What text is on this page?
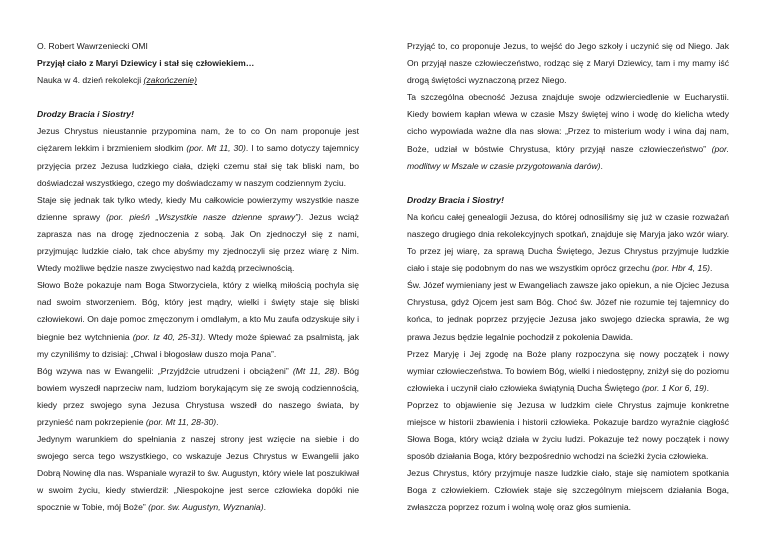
O. Robert Wawrzeniecki OMI

Przyjął ciało z Maryi Dziewicy i stał się człowiekiem…

Nauka w 4. dzień rekolekcji (zakończenie)

Drodzy Bracia i Siostry!

Jezus Chrystus nieustannie przypomina nam, że to co On nam proponuje jest ciężarem lekkim i brzmieniem słodkim (por. Mt 11, 30). I to samo dotyczy tajemnicy przyjęcia przez Jezusa ludzkiego ciała, dzięki czemu stał się tak bliski nam, bo doświadczał wszystkiego, czego my doświadczamy w naszym codziennym życiu.

Staje się jednak tak tylko wtedy, kiedy Mu całkowicie powierzymy wszystkie nasze dzienne sprawy (por. pieśń „Wszystkie nasze dzienne sprawy”). Jezus wciąż zaprasza nas na drogę zjednoczenia z sobą. Jak On zjednoczył się z nami, przyjmując ludzkie ciało, tak chce abyśmy my zjednoczyli się przez wiarę z Nim. Wtedy możliwe będzie nasze zwycięstwo nad każdą przeciwnością.

Słowo Boże pokazuje nam Boga Stworzyciela, który z wielką miłością pochyla się nad swoim stworzeniem. Bóg, który jest mądry, wielki i święty staje się bliski człowiekowi. On daje pomoc zmęczonym i omdlałym, a kto Mu zaufa odzyskuje siły i biegnie bez wytchnienia (por. Iz 40, 25-31). Wtedy może śpiewać za psalmistą, jak my czyniliśmy to dzisiaj: „Chwal i błogosław duszo moja Pana”.

Bóg wzywa nas w Ewangelii: „Przyjdźcie utrudzeni i obciążeni” (Mt 11, 28). Bóg bowiem wyszedł naprzeciw nam, ludziom borykającym się ze swoją codziennością, kiedy przez swojego syna Jezusa Chrystusa wszedł do naszego świata, by przynieść nam pokrzepienie (por. Mt 11, 28-30).

Jedynym warunkiem do spełniania z naszej strony jest wzięcie na siebie i do swojego serca tego wszystkiego, co wskazuje Jezus Chrystus w Ewangelii jako Dobrą Nowinę dla nas. Wspaniale wyraził to św. Augustyn, który wiele lat poszukiwał w swoim życiu, kiedy stwierdził: „Niespokojne jest serce człowieka dopóki nie spocznie w Tobie, mój Boże” (por. św. Augustyn, Wyznania).

Przyjąć to, co proponuje Jezus, to wejść do Jego szkoły i uczynić się od Niego. Jak On przyjął nasze człowieczeństwo, rodząc się z Maryi Dziewicy, tam i my mamy iść drogą świętości wyznaczoną przez Niego.

Ta szczególna obecność Jezusa znajduje swoje odzwierciedlenie w Eucharystii. Kiedy bowiem kapłan wlewa w czasie Mszy świętej wino i wodę do kielicha wtedy cicho wypowiada ważne dla nas słowa: „Przez to misterium wody i wina daj nam, Boże, udział w bóstwie Chrystusa, który przyjął nasze człowieczeństwo” (por. modlitwy w Mszale w czasie przygotowania darów).

Drodzy Bracia i Siostry!

Na końcu całej genealogii Jezusa, do której odnosiliśmy się już w czasie rozważań naszego drugiego dnia rekolekcyjnych spotkań, znajduje się Maryja jako wzór wiary. To przez jej wiarę, za sprawą Ducha Świętego, Jezus Chrystus przyjmuje ludzkie ciało i staje się podobnym do nas we wszystkim oprócz grzechu (por. Hbr 4, 15).

Św. Józef wymieniany jest w Ewangeliach zawsze jako opiekun, a nie Ojciec Jezusa Chrystusa, gdyż Ojcem jest sam Bóg. Choć św. Józef nie rozumie tej tajemnicy do końca, to jednak poprzez przyjęcie Jezusa jako swojego dziecka sprawia, że wg prawa Jezus będzie legalnie pochodził z pokolenia Dawida.

Przez Maryję i Jej zgodę na Boże plany rozpoczyna się nowy początek i nowy wymiar człowieczeństwa. To bowiem Bóg, wielki i niedostępny, zniżył się do poziomu człowieka i uczynił ciało człowieka świątynią Ducha Świętego (por. 1 Kor 6, 19).

Poprzez to objawienie się Jezusa w ludzkim ciele Chrystus zajmuje konkretne miejsce w historii zbawienia i historii człowieka. Pokazuje bardzo wyraźnie ciągłość Słowa Boga, który wciąż działa w życiu ludzi. Pokazuje też nowy początek i nowy sposób działania Boga, który bezpośrednio wchodzi na ścieżki życia człowieka.

Jezus Chrystus, który przyjmuje nasze ludzkie ciało, staje się namiotem spotkania Boga z człowiekiem. Człowiek staje się szczególnym miejscem działania Boga, zwłaszcza poprzez rozum i wolną wolę oraz głos sumienia.
